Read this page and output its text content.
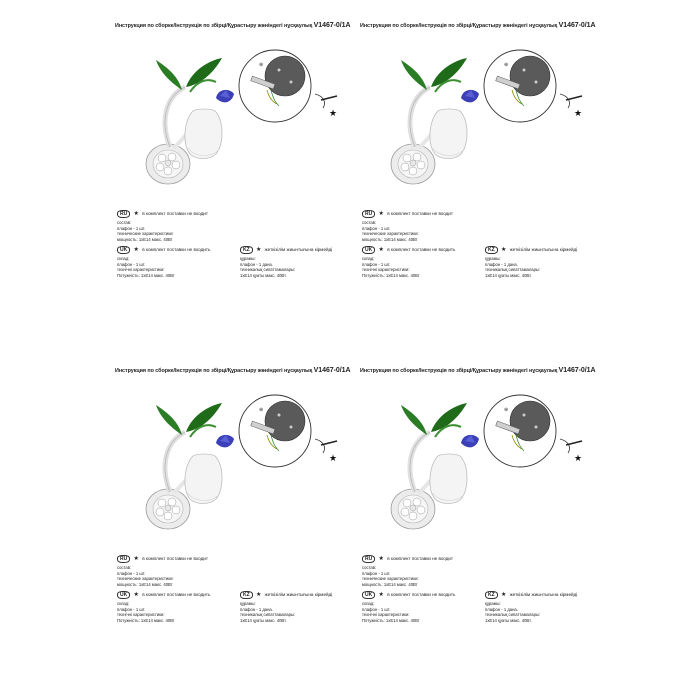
Инструкция по сборке/Інструкція по збірці/Құрастыру жөніндегі нұсқаулық V1467-0/1A
⊕
★
RU ★ в комплект поставки не входит
состав:
плафон - 1 шт.
технические характеристики:
мощность: 1хЕ14 макс. 40Вт
UK ★ в комплект поставки не входить
склад:
плафон - 1 шт.
технічні характеристики:
Потужність: 1хЕ14 макс. 40Вт
KZ ★ жеткізілім жиынтығына кірмейді
құрамы:
плафон - 1 дана.
техникалық сипаттамалары:
1хЕ14 қуаты макс. 40Вт.
Инструкция по сборке/Інструкція по збірці/Құрастыру жөніндегі нұсқаулық V1467-0/1A
⊕
★
RU ★ в комплект поставки не входит
состав:
плафон - 1 шт.
технические характеристики:
мощность: 1хЕ14 макс. 40Вт
UK ★ в комплект поставки не входить
склад:
плафон - 1 шт.
технічні характеристики:
Потужність: 1хЕ14 макс. 40Вт
KZ ★ жеткізілім жиынтығына кірмейді
құрамы:
плафон - 1 дана.
техникалық сипаттамалары:
1хЕ14 қуаты макс. 40Вт.
Инструкция по сборке/Інструкція по збірці/Құрастыру жөніндегі нұсқаулық V1467-0/1A
⊕
★
RU ★ в комплект поставки не входит
состав:
плафон - 1 шт.
технические характеристики:
мощность: 1хЕ14 макс. 40Вт
UK ★ в комплект поставки не входить
склад:
плафон - 1 шт.
технічні характеристики:
Потужність: 1хЕ14 макс. 40Вт
KZ ★ жеткізілім жиынтығына кірмейді
құрамы:
плафон - 1 дана.
техникалық сипаттамалары:
1хЕ14 қуаты макс. 40Вт.
Инструкция по сборке/Інструкція по збірці/Құрастыру жөніндегі нұсқаулық V1467-0/1A
⊕
★
RU ★ в комплект поставки не входит
состав:
плафон - 1 шт.
технические характеристики:
мощность: 1хЕ14 макс. 40Вт
UK ★ в комплект поставки не входить
склад:
плафон - 1 шт.
технічні характеристики:
Потужність: 1хЕ14 макс. 40Вт
KZ ★ жеткізілім жиынтығына кірмейді
құрамы:
плафон - 1 дана.
техникалық сипаттамалары:
1хЕ14 қуаты макс. 40Вт.
